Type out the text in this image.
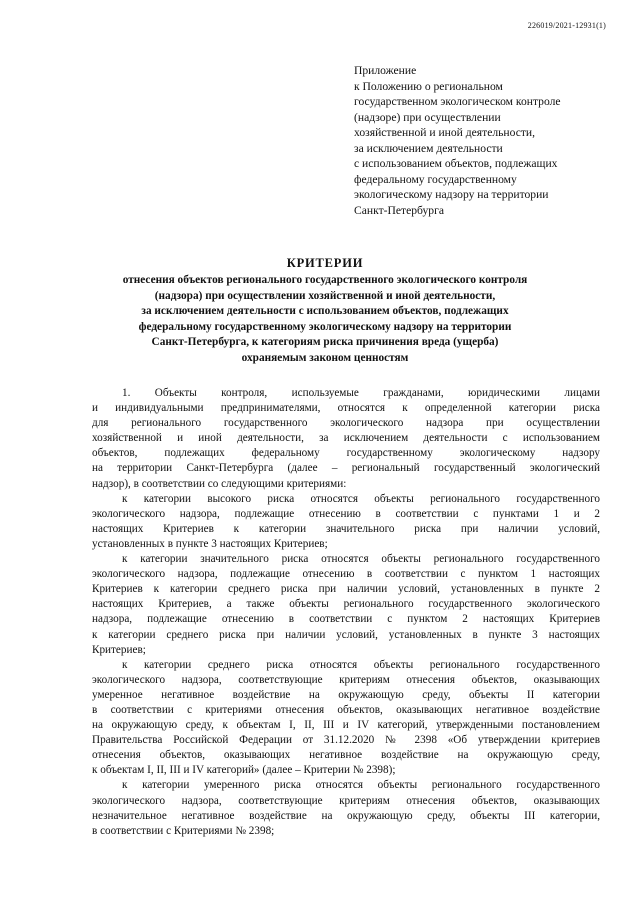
226019/2021-12931(1)
Приложение
к Положению о региональном
государственном экологическом контроле
(надзоре) при осуществлении
хозяйственной и иной деятельности,
за исключением деятельности
с использованием объектов, подлежащих
федеральному государственному
экологическому надзору на территории
Санкт-Петербурга
КРИТЕРИИ
отнесения объектов регионального государственного экологического контроля
(надзора) при осуществлении хозяйственной и иной деятельности,
за исключением деятельности с использованием объектов, подлежащих
федеральному государственному экологическому надзору на территории
Санкт-Петербурга, к категориям риска причинения вреда (ущерба)
охраняемым законом ценностям
1. Объекты контроля, используемые гражданами, юридическими лицами
и индивидуальными предпринимателями, относятся к определенной категории риска
для регионального государственного экологического надзора при осуществлении
хозяйственной и иной деятельности, за исключением деятельности с использованием
объектов, подлежащих федеральному государственному экологическому надзору
на территории Санкт-Петербурга (далее – региональный государственный экологический
надзор), в соответствии со следующими критериями:
к категории высокого риска относятся объекты регионального государственного
экологического надзора, подлежащие отнесению в соответствии с пунктами 1 и 2
настоящих Критериев к категории значительного риска при наличии условий,
установленных в пункте 3 настоящих Критериев;
к категории значительного риска относятся объекты регионального государственного
экологического надзора, подлежащие отнесению в соответствии с пунктом 1 настоящих
Критериев к категории среднего риска при наличии условий, установленных в пункте 2
настоящих Критериев, а также объекты регионального государственного экологического
надзора, подлежащие отнесению в соответствии с пунктом 2 настоящих Критериев
к категории среднего риска при наличии условий, установленных в пункте 3 настоящих
Критериев;
к категории среднего риска относятся объекты регионального государственного
экологического надзора, соответствующие критериям отнесения объектов, оказывающих
умеренное негативное воздействие на окружающую среду, объекты II категории
в соответствии с критериями отнесения объектов, оказывающих негативное воздействие
на окружающую среду, к объектам I, II, III и IV категорий, утвержденными постановлением
Правительства Российской Федерации от 31.12.2020 № 2398 «Об утверждении критериев
отнесения объектов, оказывающих негативное воздействие на окружающую среду,
к объектам I, II, III и IV категорий» (далее – Критерии № 2398);
к категории умеренного риска относятся объекты регионального государственного
экологического надзора, соответствующие критериям отнесения объектов, оказывающих
незначительное негативное воздействие на окружающую среду, объекты III категории,
в соответствии с Критериями № 2398;
